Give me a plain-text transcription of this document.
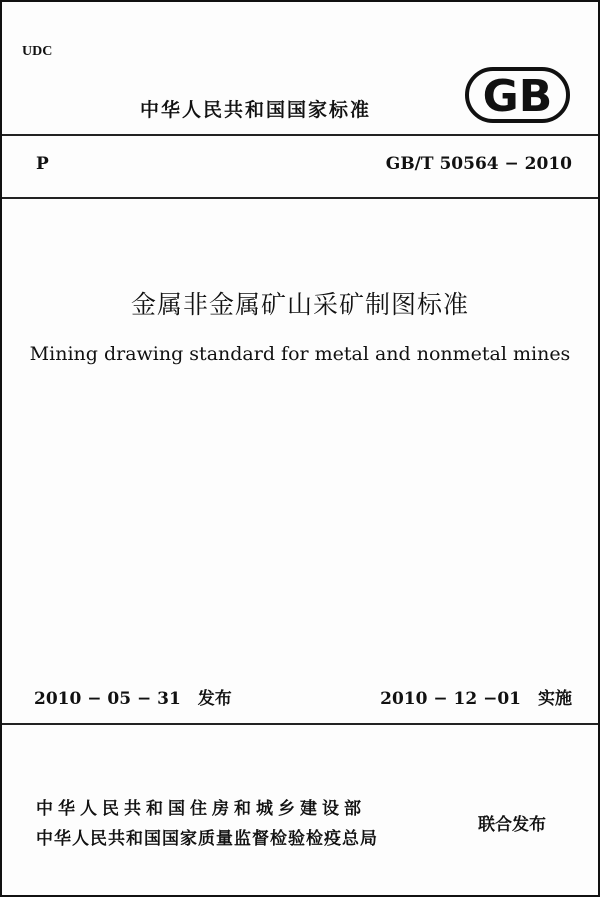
UDC
中华人民共和国国家标准	GB
P	GB/T 50564 − 2010
金属非金属矿山采矿制图标准
Mining drawing standard for metal and nonmetal mines
2010 − 05 − 31　发布	2010 − 12 −01　实施
中华人民共和国住房和城乡建设部
中华人民共和国国家质量监督检验检疫总局
联合发布
